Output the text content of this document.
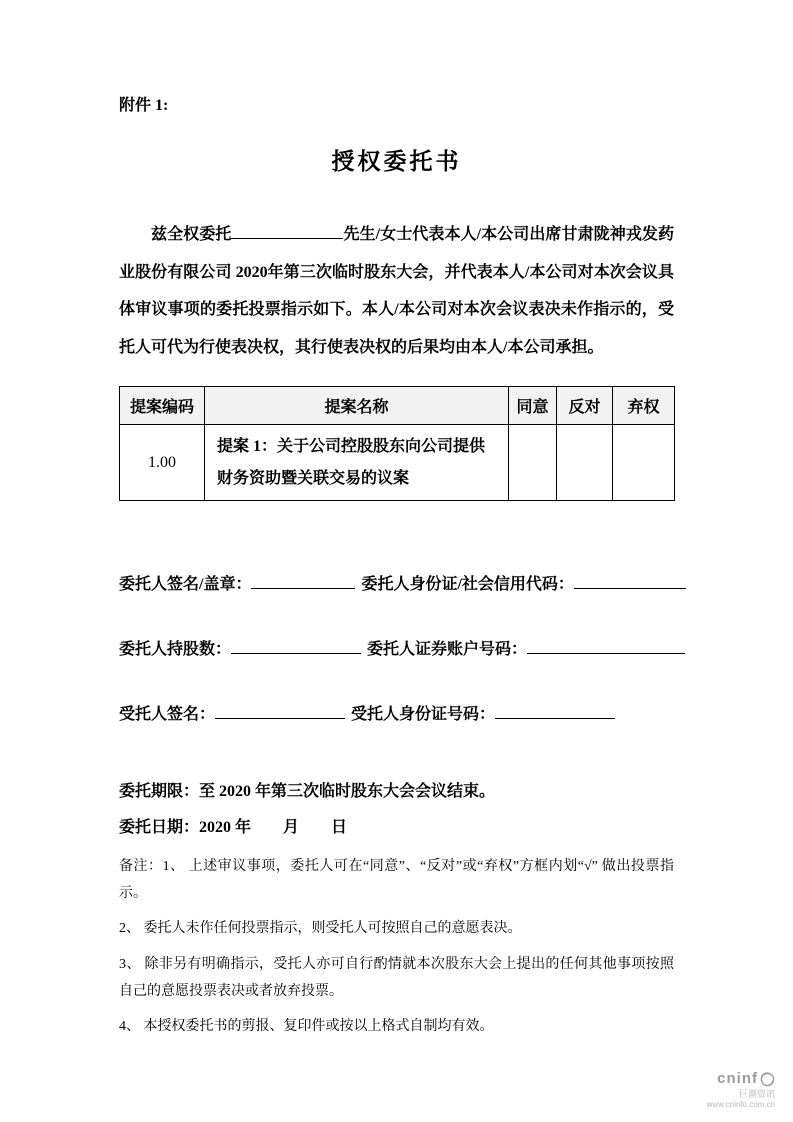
附件 1:
授权委托书

兹全权委托	先生/女士代表本人/本公司出席甘肃陇神戎发药业股份有限公司 2020年第三次临时股东大会，并代表本人/本公司对本次会议具体审议事项的委托投票指示如下。本人/本公司对本次会议表决未作指示的，受托人可代为行使表决权，其行使表决权的后果均由本人/本公司承担。

提案编码	提案名称	同意	反对	弃权
1.00	提案 1：关于公司控股股东向公司提供财务资助暨关联交易的议案			
委托人签名/盖章：	委托人身份证/社会信用代码：
委托人持股数：	委托人证券账户号码：
受托人签名：	受托人身份证号码：
委托期限：至 2020 年第三次临时股东大会会议结束。
委托日期：2020 年　　月　　日

备注：1、 上述审议事项，委托人可在“同意”、“反对”或“弃权”方框内划“√” 做出投票指示。

2、 委托人未作任何投票指示，则受托人可按照自己的意愿表决。

3、 除非另有明确指示，受托人亦可自行酌情就本次股东大会上提出的任何其他事项按照自己的意愿投票表决或者放弃投票。

4、 本授权委托书的剪报、复印件或按以上格式自制均有效。

cninf
巨潮资讯
www.cninfo.com.cn
